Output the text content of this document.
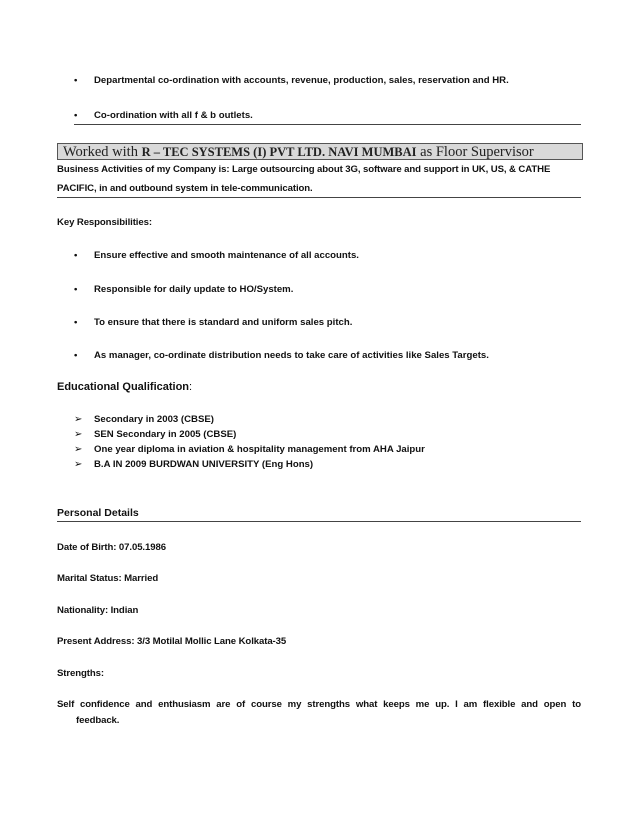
• Departmental co-ordination with accounts, revenue, production, sales, reservation and HR.
• Co-ordination with all f & b outlets.
Worked with R – TEC SYSTEMS (I) PVT LTD. NAVI MUMBAI as Floor Supervisor
Business Activities of my Company is: Large outsourcing about 3G, software and support in UK, US, & CATHE
PACIFIC, in and outbound system in tele-communication.
Key Responsibilities:
• Ensure effective and smooth maintenance of all accounts.
• Responsible for daily update to HO/System.
• To ensure that there is standard and uniform sales pitch.
• As manager, co-ordinate distribution needs to take care of activities like Sales Targets.
Educational Qualification:
➢ Secondary in 2003 (CBSE)
➢ SEN Secondary in 2005 (CBSE)
➢ One year diploma in aviation & hospitality management from AHA Jaipur
➢ B.A IN 2009 BURDWAN UNIVERSITY (Eng Hons)
Personal Details
Date of Birth: 07.05.1986
Marital Status: Married
Nationality: Indian
Present Address: 3/3 Motilal Mollic Lane Kolkata-35
Strengths:
Self confidence and enthusiasm are of course my strengths what keeps me up. I am flexible and open to
feedback.
